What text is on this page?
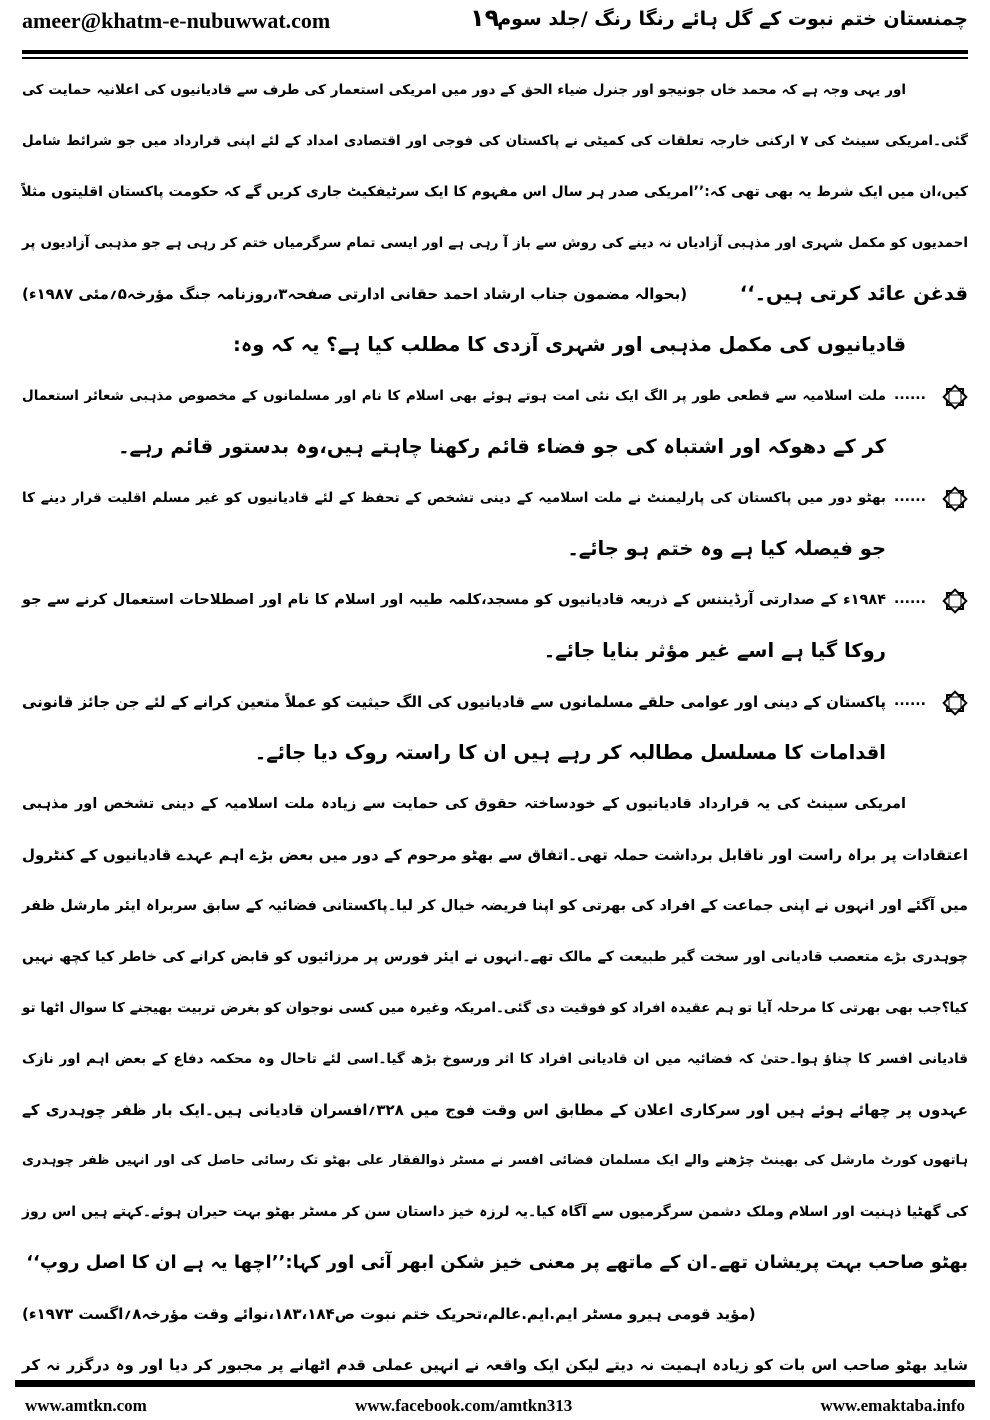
ameer@khatm-e-nubuwwat.com	۱۹
چمنستان ختم نبوت کے گل ہائے رنگا رنگ /جلد سوم
اور یہی وجہ ہے کہ محمد خاں جونیجو اور جنرل ضیاء الحق کے دور میں امریکی استعمار کی طرف سے قادیانیوں کی اعلانیہ حمایت کی
گئی۔امریکی سینٹ کی ۷ ارکنی خارجہ تعلقات کی کمیٹی نے پاکستان کی فوجی اور اقتصادی امداد کے لئے اپنی قرارداد میں جو شرائط شامل
کیں،ان میں ایک شرط یہ بھی تھی کہ:’’امریکی صدر ہر سال اس مفہوم کا ایک سرٹیفکیٹ جاری کریں گے کہ حکومت پاکستان اقلیتوں مثلاً
احمدیوں کو مکمل شہری اور مذہبی آزادیاں نہ دینے کی روش سے باز آ رہی ہے اور ایسی تمام سرگرمیاں ختم کر رہی ہے جو مذہبی آزادیوں پر
قدغن عائد کرتی ہیں۔‘‘
(بحوالہ مضمون جناب ارشاد احمد حقانی ادارتی صفحہ۳،روزنامہ جنگ مؤرخہ۵؍مئی ۱۹۸۷ء)
قادیانیوں کی مکمل مذہبی اور شہری آزدی کا مطلب کیا ہے؟ یہ کہ وہ:
......
ملت اسلامیہ سے قطعی طور پر الگ ایک نئی امت ہوتے ہوئے بھی اسلام کا نام اور مسلمانوں کے مخصوص مذہبی شعائر استعمال
کر کے دھوکہ اور اشتباہ کی جو فضاء قائم رکھنا چاہتے ہیں،وہ بدستور قائم رہے۔
......
بھٹو دور میں پاکستان کی پارلیمنٹ نے ملت اسلامیہ کے دینی تشخص کے تحفظ کے لئے قادیانیوں کو غیر مسلم اقلیت قرار دینے کا
جو فیصلہ کیا ہے وہ ختم ہو جائے۔
......
۱۹۸۴ء کے صدارتی آرڈیننس کے ذریعہ قادیانیوں کو مسجد،کلمہ طیبہ اور اسلام کا نام اور اصطلاحات استعمال کرنے سے جو
روکا گیا ہے اسے غیر مؤثر بنایا جائے۔
......
پاکستان کے دینی اور عوامی حلقے مسلمانوں سے قادیانیوں کی الگ حیثیت کو عملاً متعین کرانے کے لئے جن جائز قانونی
اقدامات کا مسلسل مطالبہ کر رہے ہیں ان کا راستہ روک دیا جائے۔
امریکی سینٹ کی یہ قرارداد قادیانیوں کے خودساختہ حقوق کی حمایت سے زیادہ ملت اسلامیہ کے دینی تشخص اور مذہبی
اعتقادات پر براہ راست اور ناقابل برداشت حملہ تھی۔اتفاق سے بھٹو مرحوم کے دور میں بعض بڑے اہم عہدے قادیانیوں کے کنٹرول
میں آگئے اور انہوں نے اپنی جماعت کے افراد کی بھرتی کو اپنا فریضہ خیال کر لیا۔پاکستانی فضائیہ کے سابق سربراہ ایئر مارشل ظفر
چوہدری بڑے متعصب قادیانی اور سخت گیر طبیعت کے مالک تھے۔انہوں نے ایئر فورس پر مرزائیوں کو قابض کرانے کی خاطر کیا کچھ نہیں
کیا؟جب بھی بھرتی کا مرحلہ آیا تو ہم عقیدہ افراد کو فوقیت دی گئی۔امریکہ وغیرہ میں کسی نوجوان کو بغرض تربیت بھیجنے کا سوال اٹھا تو
قادیانی افسر کا چناؤ ہوا۔حتیٰ کہ فضائیہ میں ان قادیانی افراد کا اثر ورسوخ بڑھ گیا۔اسی لئے تاحال وہ محکمہ دفاع کے بعض اہم اور نازک
عہدوں پر چھائے ہوئے ہیں اور سرکاری اعلان کے مطابق اس وقت فوج میں ۳۲۸؍افسران قادیانی ہیں۔ایک بار ظفر چوہدری کے
ہاتھوں کورٹ مارشل کی بھینٹ چڑھنے والے ایک مسلمان فضائی افسر نے مسٹر ذوالفقار علی بھٹو تک رسائی حاصل کی اور انہیں ظفر چوہدری
کی گھٹیا ذہنیت اور اسلام وملک دشمن سرگرمیوں سے آگاہ کیا۔یہ لرزہ خیز داستان سن کر مسٹر بھٹو بہت حیران ہوئے۔کہتے ہیں اس روز
بھٹو صاحب بہت پریشان تھے۔ان کے ماتھے پر معنی خیز شکن ابھر آئی اور کہا:’’اچھا یہ ہے ان کا اصل روپ‘‘
(مؤید قومی ہیرو مسٹر ایم.ایم.عالم،تحریک ختم نبوت ص۱۸۳،۱۸۴،نوائے وقت مؤرخہ۸؍اگست ۱۹۷۳ء)
شاید بھٹو صاحب اس بات کو زیادہ اہمیت نہ دیتے لیکن ایک واقعہ نے انہیں عملی قدم اٹھانے پر مجبور کر دیا اور وہ درگزر نہ کر
www.amtkn.com	www.facebook.com/amtkn313	www.emaktaba.info
